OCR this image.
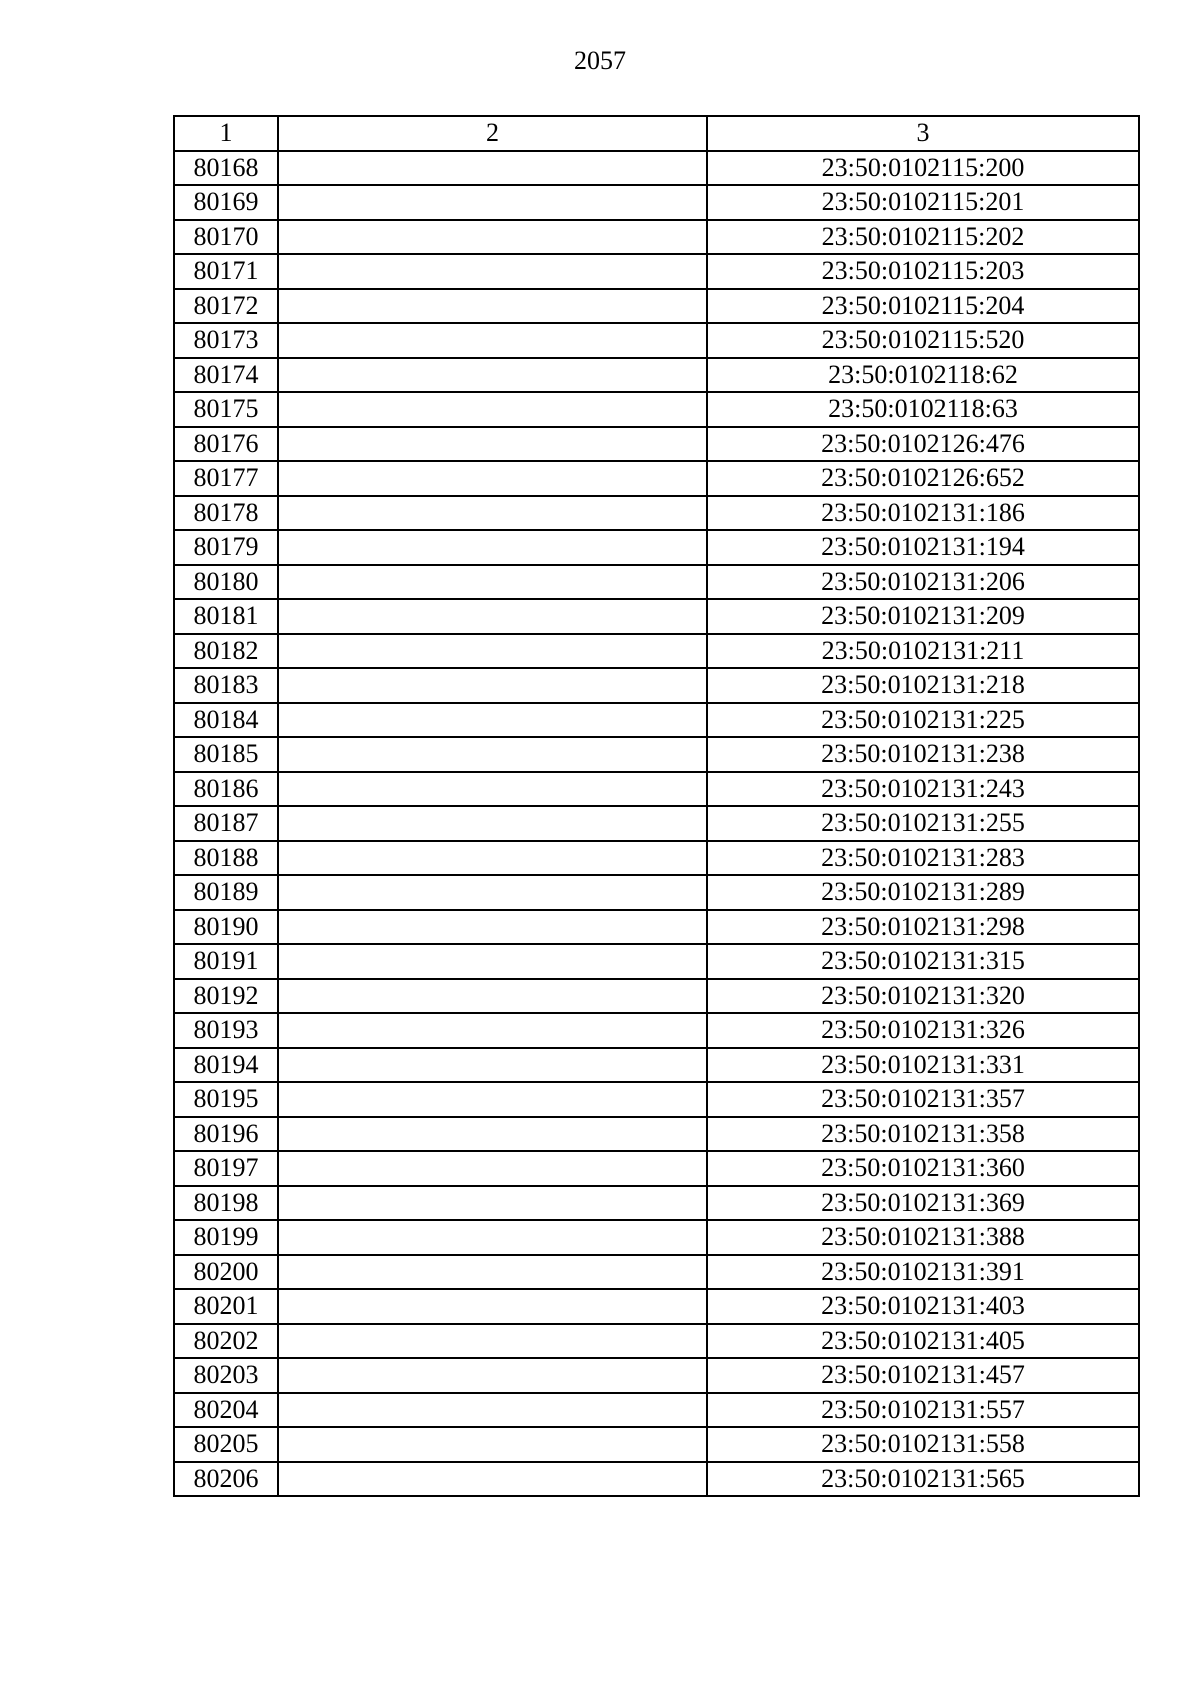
2057
1	2	3
80168		23:50:0102115:200
80169		23:50:0102115:201
80170		23:50:0102115:202
80171		23:50:0102115:203
80172		23:50:0102115:204
80173		23:50:0102115:520
80174		23:50:0102118:62
80175		23:50:0102118:63
80176		23:50:0102126:476
80177		23:50:0102126:652
80178		23:50:0102131:186
80179		23:50:0102131:194
80180		23:50:0102131:206
80181		23:50:0102131:209
80182		23:50:0102131:211
80183		23:50:0102131:218
80184		23:50:0102131:225
80185		23:50:0102131:238
80186		23:50:0102131:243
80187		23:50:0102131:255
80188		23:50:0102131:283
80189		23:50:0102131:289
80190		23:50:0102131:298
80191		23:50:0102131:315
80192		23:50:0102131:320
80193		23:50:0102131:326
80194		23:50:0102131:331
80195		23:50:0102131:357
80196		23:50:0102131:358
80197		23:50:0102131:360
80198		23:50:0102131:369
80199		23:50:0102131:388
80200		23:50:0102131:391
80201		23:50:0102131:403
80202		23:50:0102131:405
80203		23:50:0102131:457
80204		23:50:0102131:557
80205		23:50:0102131:558
80206		23:50:0102131:565
